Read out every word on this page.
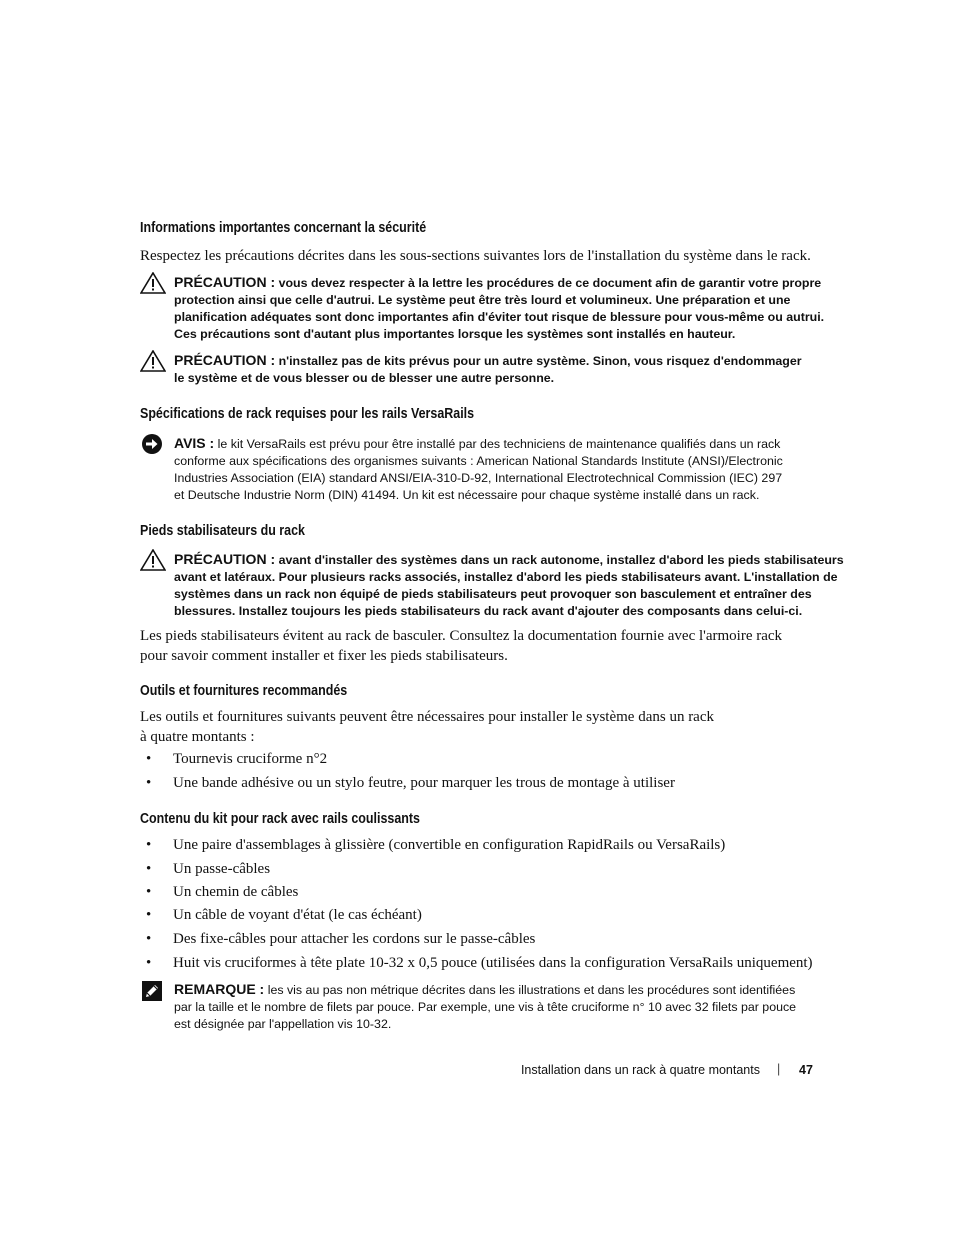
Informations importantes concernant la sécurité
Respectez les précautions décrites dans les sous-sections suivantes lors de l'installation du système dans le rack.
PRÉCAUTION : vous devez respecter à la lettre les procédures de ce document afin de garantir votre propre
protection ainsi que celle d'autrui. Le système peut être très lourd et volumineux. Une préparation et une
planification adéquates sont donc importantes afin d'éviter tout risque de blessure pour vous-même ou autrui.
Ces précautions sont d'autant plus importantes lorsque les systèmes sont installés en hauteur.
PRÉCAUTION : n'installez pas de kits prévus pour un autre système. Sinon, vous risquez d'endommager
le système et de vous blesser ou de blesser une autre personne.
Spécifications de rack requises pour les rails VersaRails
AVIS : le kit VersaRails est prévu pour être installé par des techniciens de maintenance qualifiés dans un rack
conforme aux spécifications des organismes suivants : American National Standards Institute (ANSI)/Electronic
Industries Association (EIA) standard ANSI/EIA-310-D-92, International Electrotechnical Commission (IEC) 297
et Deutsche Industrie Norm (DIN) 41494. Un kit est nécessaire pour chaque système installé dans un rack.
Pieds stabilisateurs du rack
PRÉCAUTION : avant d'installer des systèmes dans un rack autonome, installez d'abord les pieds stabilisateurs
avant et latéraux. Pour plusieurs racks associés, installez d'abord les pieds stabilisateurs avant. L'installation de
systèmes dans un rack non équipé de pieds stabilisateurs peut provoquer son basculement et entraîner des
blessures. Installez toujours les pieds stabilisateurs du rack avant d'ajouter des composants dans celui-ci.
Les pieds stabilisateurs évitent au rack de basculer. Consultez la documentation fournie avec l'armoire rack
pour savoir comment installer et fixer les pieds stabilisateurs.
Outils et fournitures recommandés
Les outils et fournitures suivants peuvent être nécessaires pour installer le système dans un rack
à quatre montants :
• Tournevis cruciforme n°2
• Une bande adhésive ou un stylo feutre, pour marquer les trous de montage à utiliser
Contenu du kit pour rack avec rails coulissants
• Une paire d'assemblages à glissière (convertible en configuration RapidRails ou VersaRails)
• Un passe-câbles
• Un chemin de câbles
• Un câble de voyant d'état (le cas échéant)
• Des fixe-câbles pour attacher les cordons sur le passe-câbles
• Huit vis cruciformes à tête plate 10-32 x 0,5 pouce (utilisées dans la configuration VersaRails uniquement)
REMARQUE : les vis au pas non métrique décrites dans les illustrations et dans les procédures sont identifiées
par la taille et le nombre de filets par pouce. Par exemple, une vis à tête cruciforme n° 10 avec 32 filets par pouce
est désignée par l'appellation vis 10-32.
Installation dans un rack à quatre montants | 47
